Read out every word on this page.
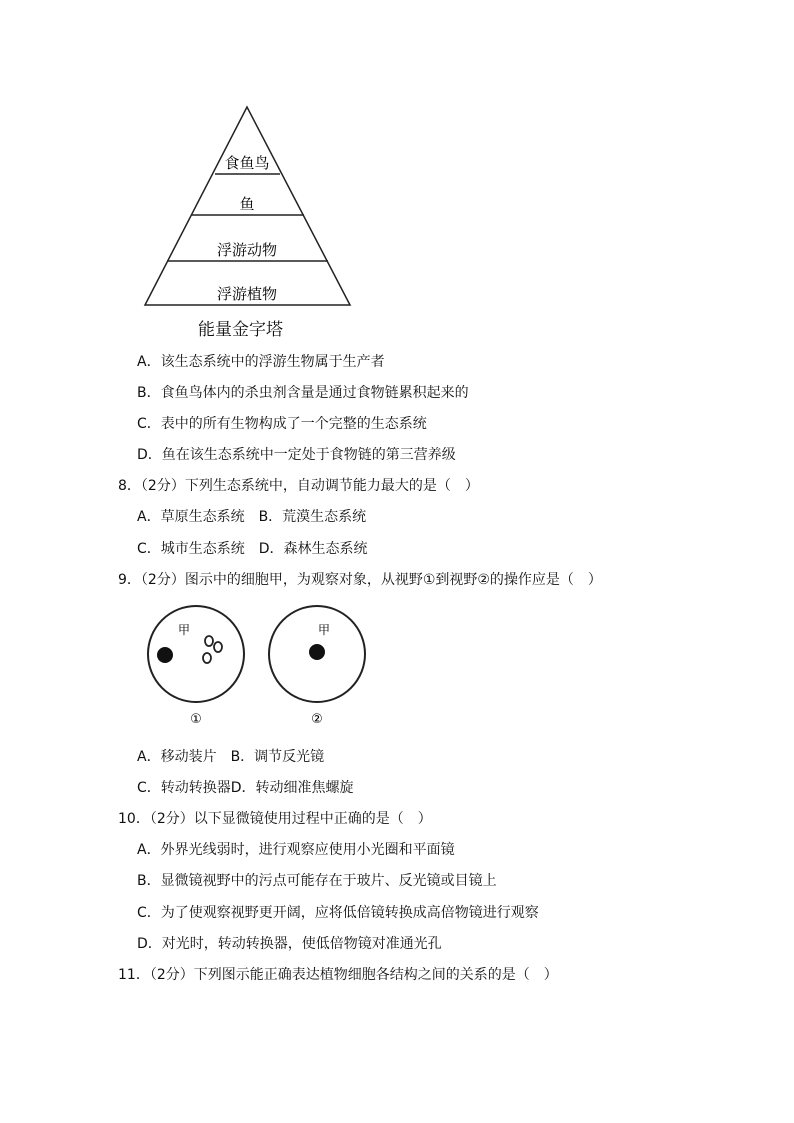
食鱼鸟
鱼
浮游动物
浮游植物
能量金字塔
A．该生态系统中的浮游生物属于生产者
B．食鱼鸟体内的杀虫剂含量是通过食物链累积起来的
C．表中的所有生物构成了一个完整的生态系统
D．鱼在该生态系统中一定处于食物链的第三营养级
8．（2分）下列生态系统中，自动调节能力最大的是（　）
A．草原生态系统　B．荒漠生态系统
C．城市生态系统　D．森林生态系统
9．（2分）图示中的细胞甲，为观察对象，从视野①到视野②的操作应是（　）
甲
①
甲
②
A．移动装片　B．调节反光镜
C．转动转换器D．转动细准焦螺旋
10．（2分）以下显微镜使用过程中正确的是（　）
A．外界光线弱时，进行观察应使用小光圈和平面镜
B．显微镜视野中的污点可能存在于玻片、反光镜或目镜上
C．为了使观察视野更开阔，应将低倍镜转换成高倍物镜进行观察
D．对光时，转动转换器，使低倍物镜对准通光孔
11．（2分）下列图示能正确表达植物细胞各结构之间的关系的是（　）
